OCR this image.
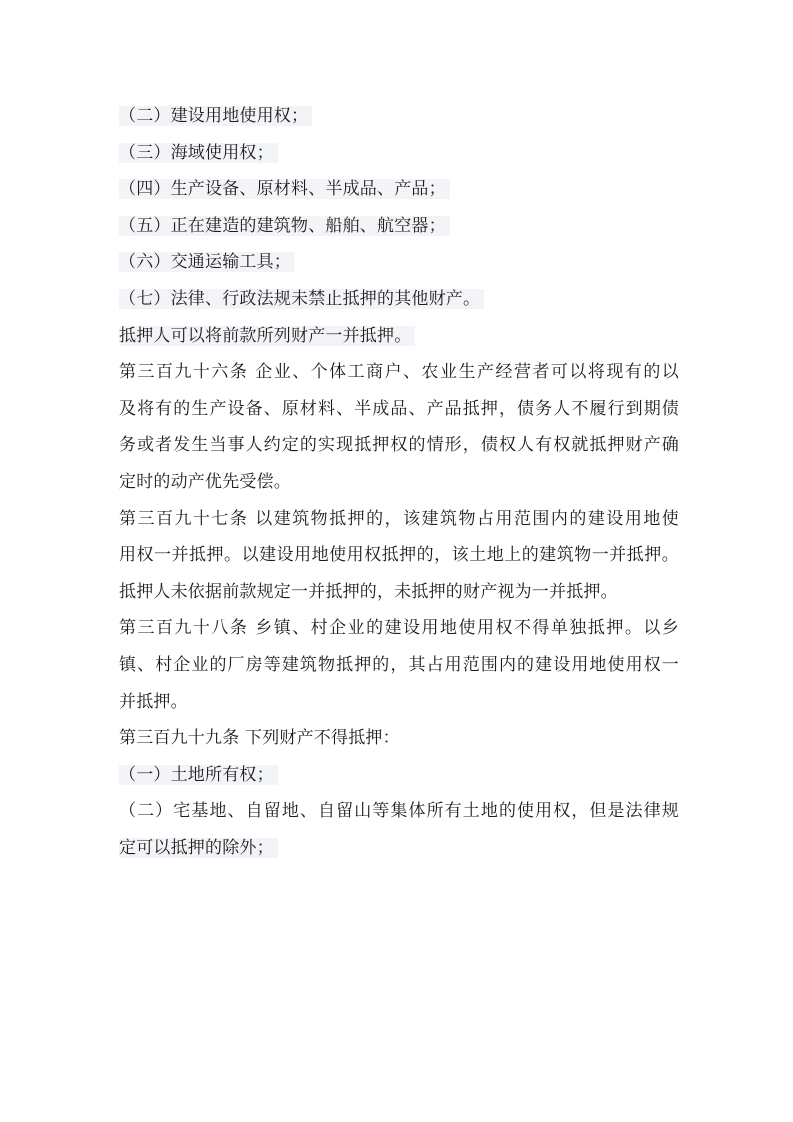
（二）建设用地使用权；
（三）海域使用权；
（四）生产设备、原材料、半成品、产品；
（五）正在建造的建筑物、船舶、航空器；
（六）交通运输工具；
（七）法律、行政法规未禁止抵押的其他财产。
抵押人可以将前款所列财产一并抵押。
第三百九十六条 企业、个体工商户、农业生产经营者可以将现有的以
及将有的生产设备、原材料、半成品、产品抵押，债务人不履行到期债
务或者发生当事人约定的实现抵押权的情形，债权人有权就抵押财产确
定时的动产优先受偿。
第三百九十七条 以建筑物抵押的，该建筑物占用范围内的建设用地使
用权一并抵押。以建设用地使用权抵押的，该土地上的建筑物一并抵押。
抵押人未依据前款规定一并抵押的，未抵押的财产视为一并抵押。
第三百九十八条 乡镇、村企业的建设用地使用权不得单独抵押。以乡
镇、村企业的厂房等建筑物抵押的，其占用范围内的建设用地使用权一
并抵押。
第三百九十九条 下列财产不得抵押：
（一）土地所有权；
（二）宅基地、自留地、自留山等集体所有土地的使用权，但是法律规
定可以抵押的除外；
